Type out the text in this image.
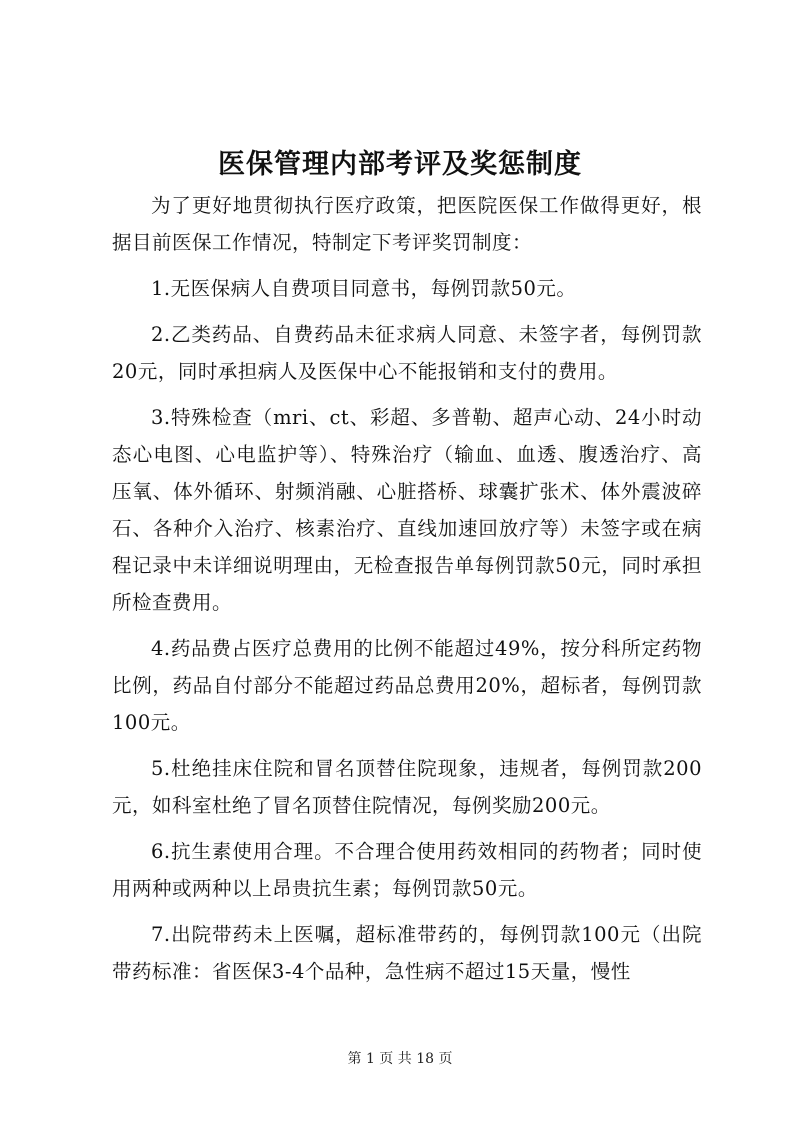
医保管理内部考评及奖惩制度

为了更好地贯彻执行医疗政策，把医院医保工作做得更好，根据目前医保工作情况，特制定下考评奖罚制度：

1.无医保病人自费项目同意书，每例罚款50元。

2.乙类药品、自费药品未征求病人同意、未签字者，每例罚款20元，同时承担病人及医保中心不能报销和支付的费用。

3.特殊检查（mri、ct、彩超、多普勒、超声心动、24小时动态心电图、心电监护等）、特殊治疗（输血、血透、腹透治疗、高压氧、体外循环、射频消融、心脏搭桥、球囊扩张术、体外震波碎石、各种介入治疗、核素治疗、直线加速回放疗等）未签字或在病程记录中未详细说明理由，无检查报告单每例罚款50元，同时承担所检查费用。

4.药品费占医疗总费用的比例不能超过49%，按分科所定药物比例，药品自付部分不能超过药品总费用20%，超标者，每例罚款100元。

5.杜绝挂床住院和冒名顶替住院现象，违规者，每例罚款200元，如科室杜绝了冒名顶替住院情况，每例奖励200元。

6.抗生素使用合理。不合理合使用药效相同的药物者；同时使用两种或两种以上昂贵抗生素；每例罚款50元。

7.出院带药未上医嘱，超标准带药的，每例罚款100元（出院带药标准：省医保3-4个品种，急性病不超过15天量，慢性

第 1 页 共 18 页
